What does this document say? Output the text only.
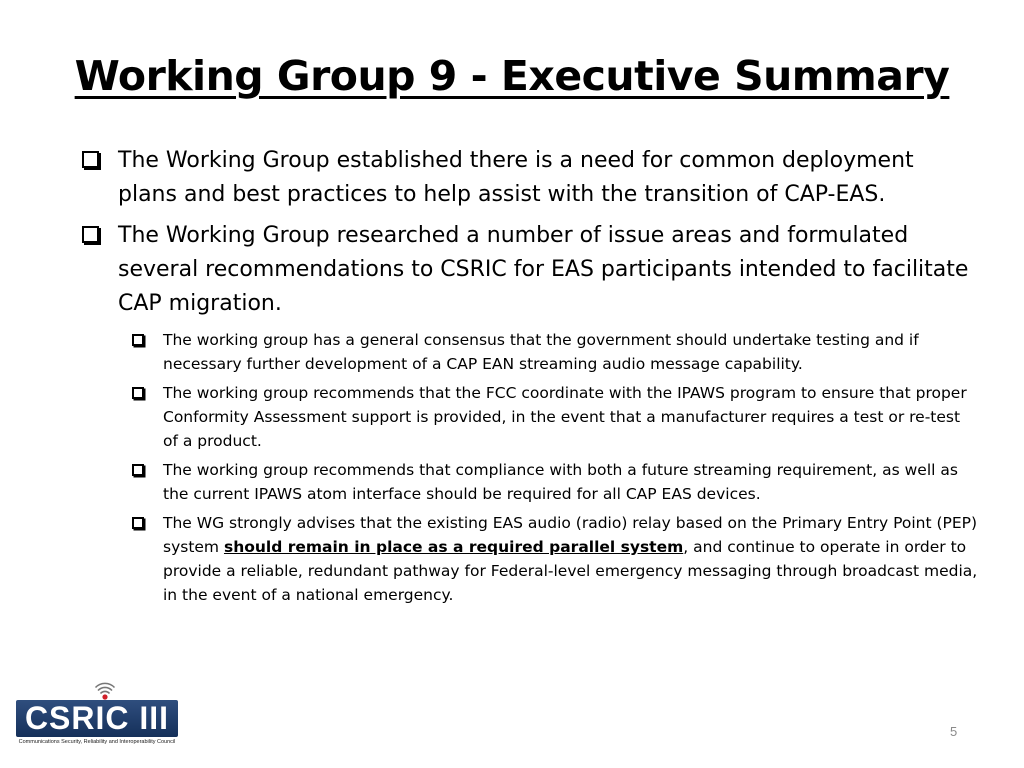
Working Group 9 - Executive Summary
The Working Group established there is a need for common deployment plans and best practices to help assist with the transition of CAP-EAS.
The Working Group researched a number of issue areas and formulated several recommendations to CSRIC for EAS participants intended to facilitate CAP migration.
The working group has a general consensus that the government should undertake testing and if necessary further development of a CAP EAN streaming audio message capability.
The working group recommends that the FCC coordinate with the IPAWS program to ensure that proper Conformity Assessment support is provided, in the event that a manufacturer requires a test or re-test of a product.
The working group recommends that compliance with both a future streaming requirement, as well as the current IPAWS atom interface should be required for all CAP EAS devices.
The WG strongly advises that the existing EAS audio (radio) relay based on the Primary Entry Point (PEP) system should remain in place as a required parallel system, and continue to operate in order to provide a reliable, redundant pathway for Federal-level emergency messaging through broadcast media, in the event of a national emergency.
CSRIC III
Communications Security, Reliability and Interoperability Council
5
